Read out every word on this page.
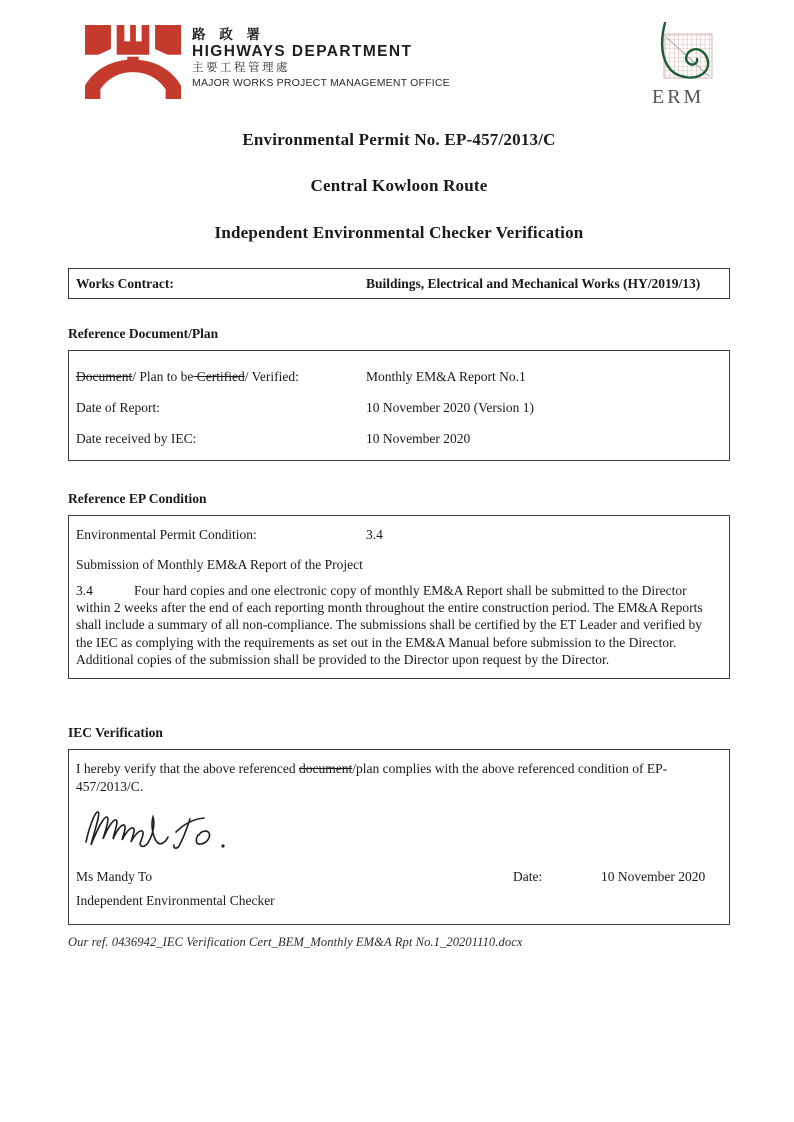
路 政 署
HIGHWAYS DEPARTMENT
主要工程管理處
MAJOR WORKS PROJECT MANAGEMENT OFFICE
ERM
Environmental Permit No. EP-457/2013/C
Central Kowloon Route
Independent Environmental Checker Verification
Works Contract:	Buildings, Electrical and Mechanical Works (HY/2019/13)
Reference Document/Plan
Document/ Plan to be Certified/ Verified:	Monthly EM&A Report No.1
Date of Report:	10 November 2020 (Version 1)
Date received by IEC:	10 November 2020
Reference EP Condition
Environmental Permit Condition:	3.4
Submission of Monthly EM&A Report of the Project
3.4	Four hard copies and one electronic copy of monthly EM&A Report shall be submitted to the Director within 2 weeks after the end of each reporting month throughout the entire construction period. The EM&A Reports shall include a summary of all non-compliance. The submissions shall be certified by the ET Leader and verified by the IEC as complying with the requirements as set out in the EM&A Manual before submission to the Director. Additional copies of the submission shall be provided to the Director upon request by the Director.
IEC Verification
I hereby verify that the above referenced document/plan complies with the above referenced condition of EP-457/2013/C.
Ms Mandy To	Date:	10 November 2020
Independent Environmental Checker
Our ref. 0436942_IEC Verification Cert_BEM_Monthly EM&A Rpt No.1_20201110.docx
